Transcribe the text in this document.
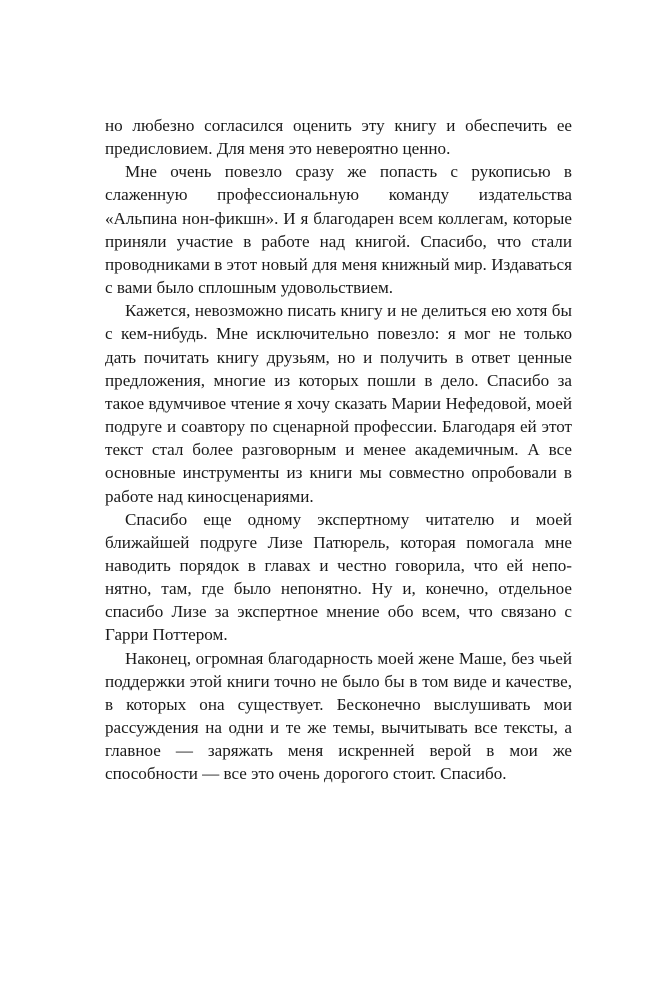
но любезно согласился оценить эту книгу и обеспечить ее предисловием. Для меня это невероятно ценно.

Мне очень повезло сразу же попасть с рукописью в слаженную профессиональную команду издательства «Альпина нон-фикшн». И я благодарен всем коллегам, которые приняли участие в работе над книгой. Спасибо, что стали проводниками в этот новый для меня книжный мир. Издаваться с вами было сплошным удовольствием.

Кажется, невозможно писать книгу и не делиться ею хотя бы с кем-нибудь. Мне исключительно повезло: я мог не только дать почитать книгу друзьям, но и получить в ответ ценные предложения, многие из которых пошли в дело. Спасибо за такое вдумчивое чтение я хочу сказать Марии Нефедовой, моей подруге и соавтору по сценарной профессии. Благодаря ей этот текст стал более разговорным и менее академичным. А все основные инструменты из книги мы совместно опробовали в работе над киносценариями.

Спасибо еще одному экспертному читателю и моей ближайшей подруге Лизе Патюрель, которая помогала мне наводить порядок в главах и честно говорила, что ей непонятно, там, где было непонятно. Ну и, конечно, отдельное спасибо Лизе за экспертное мнение обо всем, что связано с Гарри Поттером.

Наконец, огромная благодарность моей жене Маше, без чьей поддержки этой книги точно не было бы в том виде и качестве, в которых она существует. Бесконечно выслушивать мои рассуждения на одни и те же темы, вычитывать все тексты, а главное — заряжать меня искренней верой в мои же способности — все это очень дорогого стоит. Спасибо.
